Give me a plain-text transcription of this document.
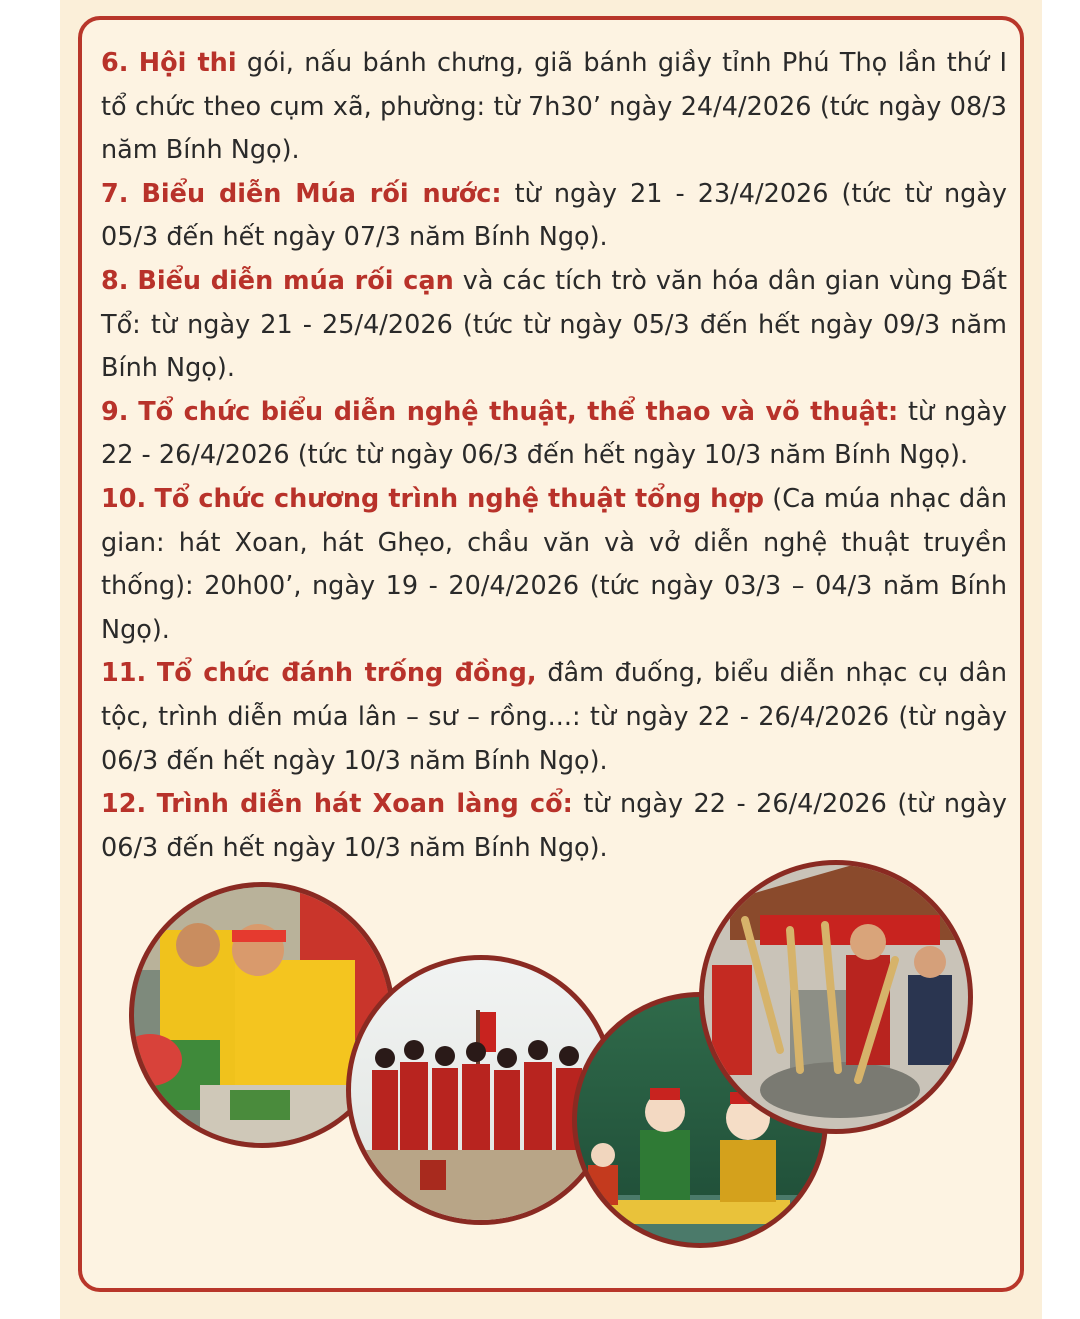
6. Hội thi gói, nấu bánh chưng, giã bánh giầy tỉnh Phú Thọ lần thứ I tổ chức theo cụm xã, phường: từ 7h30’ ngày 24/4/2026 (tức ngày 08/3 năm Bính Ngọ).

7. Biểu diễn Múa rối nước: từ ngày 21 - 23/4/2026 (tức từ ngày 05/3 đến hết ngày 07/3 năm Bính Ngọ).

8. Biểu diễn múa rối cạn và các tích trò văn hóa dân gian vùng Đất Tổ: từ ngày 21 - 25/4/2026 (tức từ ngày 05/3 đến hết ngày 09/3 năm Bính Ngọ).

9. Tổ chức biểu diễn nghệ thuật, thể thao và võ thuật: từ ngày 22 - 26/4/2026 (tức từ ngày 06/3 đến hết ngày 10/3 năm Bính Ngọ).

10. Tổ chức chương trình nghệ thuật tổng hợp (Ca múa nhạc dân gian: hát Xoan, hát Ghẹo, chầu văn và vở diễn nghệ thuật truyền thống): 20h00’, ngày 19 - 20/4/2026 (tức ngày 03/3 – 04/3 năm Bính Ngọ).

11. Tổ chức đánh trống đồng, đâm đuống, biểu diễn nhạc cụ dân tộc, trình diễn múa lân – sư – rồng...: từ ngày 22 - 26/4/2026 (từ ngày 06/3 đến hết ngày 10/3 năm Bính Ngọ).

12. Trình diễn hát Xoan làng cổ: từ ngày 22 - 26/4/2026 (từ ngày 06/3 đến hết ngày 10/3 năm Bính Ngọ).
